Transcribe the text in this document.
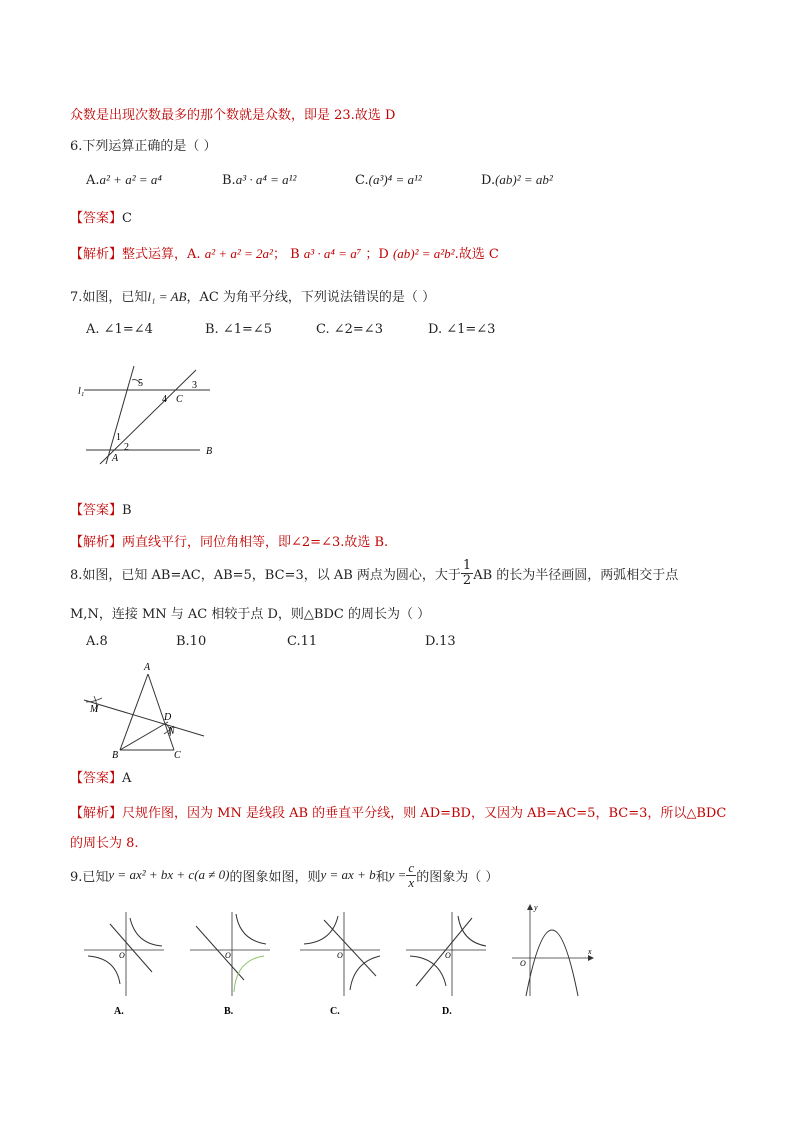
众数是出现次数最多的那个数就是众数，即是 23.故选 D
6.下列运算正确的是（ ）
A.a² + a² = a⁴	B.a³ · a⁴ = a¹²	C.(a³)⁴ = a¹²	D.(ab)² = ab²
【答案】C
【解析】整式运算，A. a² + a² = 2a²； B a³ · a⁴ = a⁷ ；D (ab)² = a²b².故选 C
7.如图，已知l₁ = AB，AC 为角平分线，下列说法错误的是（ ）
A. ∠1=∠4	B. ∠1=∠5	C. ∠2=∠3	D. ∠1=∠3
l₁
5	3
4 C
1
2
A
B
【答案】B
【解析】两直线平行，同位角相等，即∠2=∠3.故选 B.
8.如图，已知 AB=AC，AB=5，BC=3，以 AB 两点为圆心，大于 $\frac{1}{2}$ AB 的长为半径画圆，两弧相交于点
M,N，连接 MN 与 AC 相较于点 D，则△BDC 的周长为（ ）
A.8	B.10	C.11	D.13
A
M
D
N
B	C
【答案】A
【解析】尺规作图，因为 MN 是线段 AB 的垂直平分线，则 AD=BD，又因为 AB=AC=5，BC=3，所以△BDC
的周长为 8.
9.已知 y = ax² + bx + c(a ≠ 0) 的图象如图，则 y = ax + b 和 $y = \frac{c}{x}$ 的图象为（ ）
O
A.
O
B.
O
C.
O
D.
O
x
y
